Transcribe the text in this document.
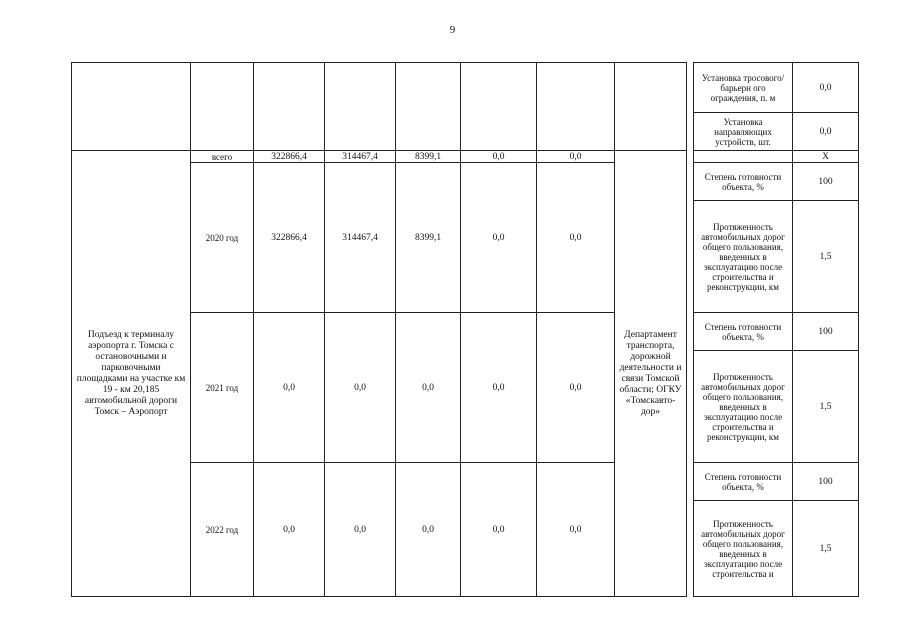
9
									Установка тросового/барьерн ого ограждения, п. м	0,0
									Установка направляющих устройств, шт.	0,0
Подъезд к терминалу аэропорта г. Томска с остановочными и парковочными площадками на участке км 19 - км 20,185 автомобильной дороги Томск – Аэропорт	всего	322866,4	314467,4	8399,1	0,0	0,0	Департамент транспорта, дорожной деятельности и связи Томской области; ОГКУ «Томскавто-дор»			Х
	2020 год	322866,4	314467,4	8399,1	0,0	0,0			Степень готовности объекта, %	100
									Протяженность автомобильных дорог общего пользования, введенных в эксплуатацию после строительства и реконструкции, км	1,5
	2021 год	0,0	0,0	0,0	0,0	0,0			Степень готовности объекта, %	100
									Протяженность автомобильных дорог общего пользования, введенных в эксплуатацию после строительства и реконструкции, км	1,5
	2022 год	0,0	0,0	0,0	0,0	0,0			Степень готовности объекта, %	100
									Протяженность автомобильных дорог общего пользования, введенных в эксплуатацию после строительства и	1,5
